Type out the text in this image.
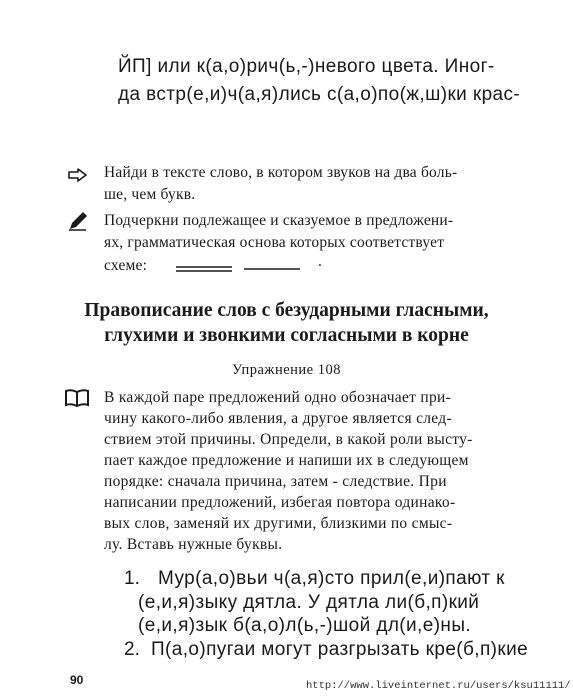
ЙП] или к(а,о)рич(ь,-)невого цвета. Иног-
да встр(е,и)ч(а,я)лись с(а,о)по(ж,ш)ки крас-
Найди в тексте слово, в котором звуков на два боль-
ше, чем букв.
Подчеркни подлежащее и сказуемое в предложени-
ях, грамматическая основа которых соответствует
схеме:	.
Правописание слов с безударными гласными,
глухими и звонкими согласными в корне
Упражнение 108
В каждой паре предложений одно обозначает при-
чину какого-либо явления, а другое является след-
ствием этой причины. Определи, в какой роли высту-
пает каждое предложение и напиши их в следующем
порядке: сначала причина, затем - следствие. При
написании предложений, избегая повтора одинако-
вых слов, заменяй их другими, близкими по смыс-
лу. Вставь нужные буквы.
1. Мур(а,о)вьи ч(а,я)сто прил(е,и)пают к
(е,и,я)зыку дятла. У дятла ли(б,п)кий
(е,и,я)зык б(а,о)л(ь,-)шой дл(и,е)ны.
2. П(а,о)пугаи могут разгрызать кре(б,п)кие
90	http://www.liveinternet.ru/users/ksu11111/
